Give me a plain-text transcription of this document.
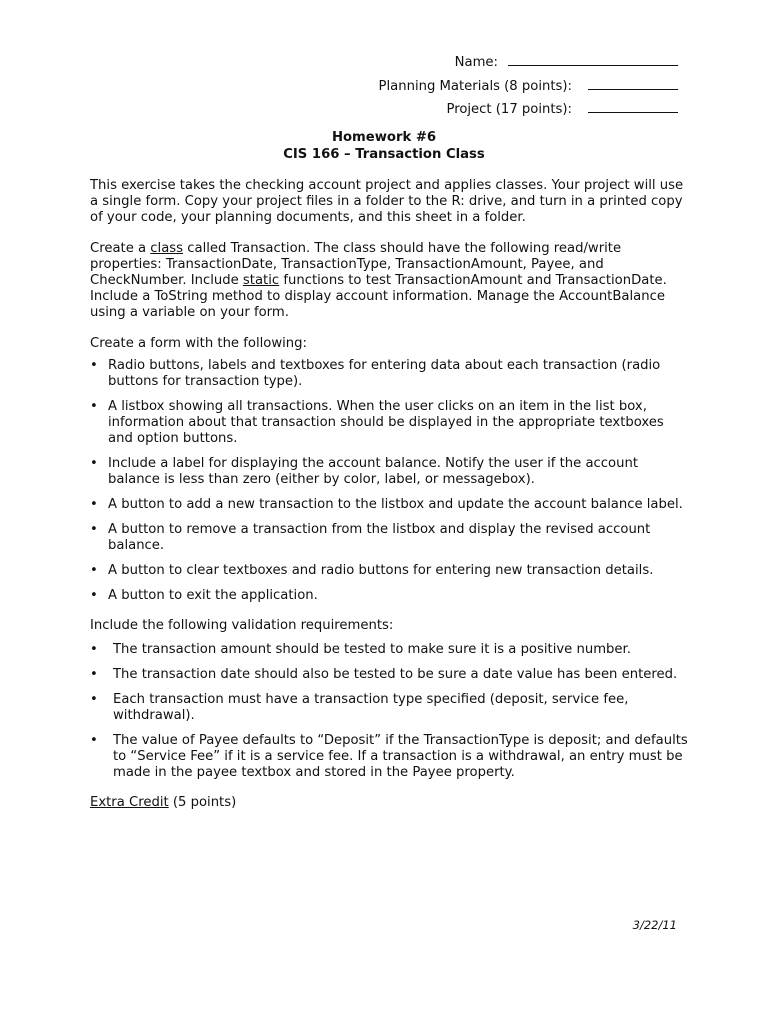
Name:
Planning Materials (8 points):
Project (17 points):
Homework #6
CIS 166 – Transaction Class

This exercise takes the checking account project and applies classes. Your project will use a single form. Copy your project files in a folder to the R: drive, and turn in a printed copy of your code, your planning documents, and this sheet in a folder.

Create a class called Transaction. The class should have the following read/write properties: TransactionDate, TransactionType, TransactionAmount, Payee, and CheckNumber. Include static functions to test TransactionAmount and TransactionDate. Include a ToString method to display account information. Manage the AccountBalance using a variable on your form.

Create a form with the following:

• Radio buttons, labels and textboxes for entering data about each transaction (radio buttons for transaction type).
• A listbox showing all transactions. When the user clicks on an item in the list box, information about that transaction should be displayed in the appropriate textboxes and option buttons.
• Include a label for displaying the account balance. Notify the user if the account balance is less than zero (either by color, label, or messagebox).
• A button to add a new transaction to the listbox and update the account balance label.
• A button to remove a transaction from the listbox and display the revised account balance.
• A button to clear textboxes and radio buttons for entering new transaction details.
• A button to exit the application.

Include the following validation requirements:

• The transaction amount should be tested to make sure it is a positive number.
• The transaction date should also be tested to be sure a date value has been entered.
• Each transaction must have a transaction type specified (deposit, service fee, withdrawal).
• The value of Payee defaults to “Deposit” if the TransactionType is deposit; and defaults to “Service Fee” if it is a service fee. If a transaction is a withdrawal, an entry must be made in the payee textbox and stored in the Payee property.

Extra Credit (5 points)

3/22/11
